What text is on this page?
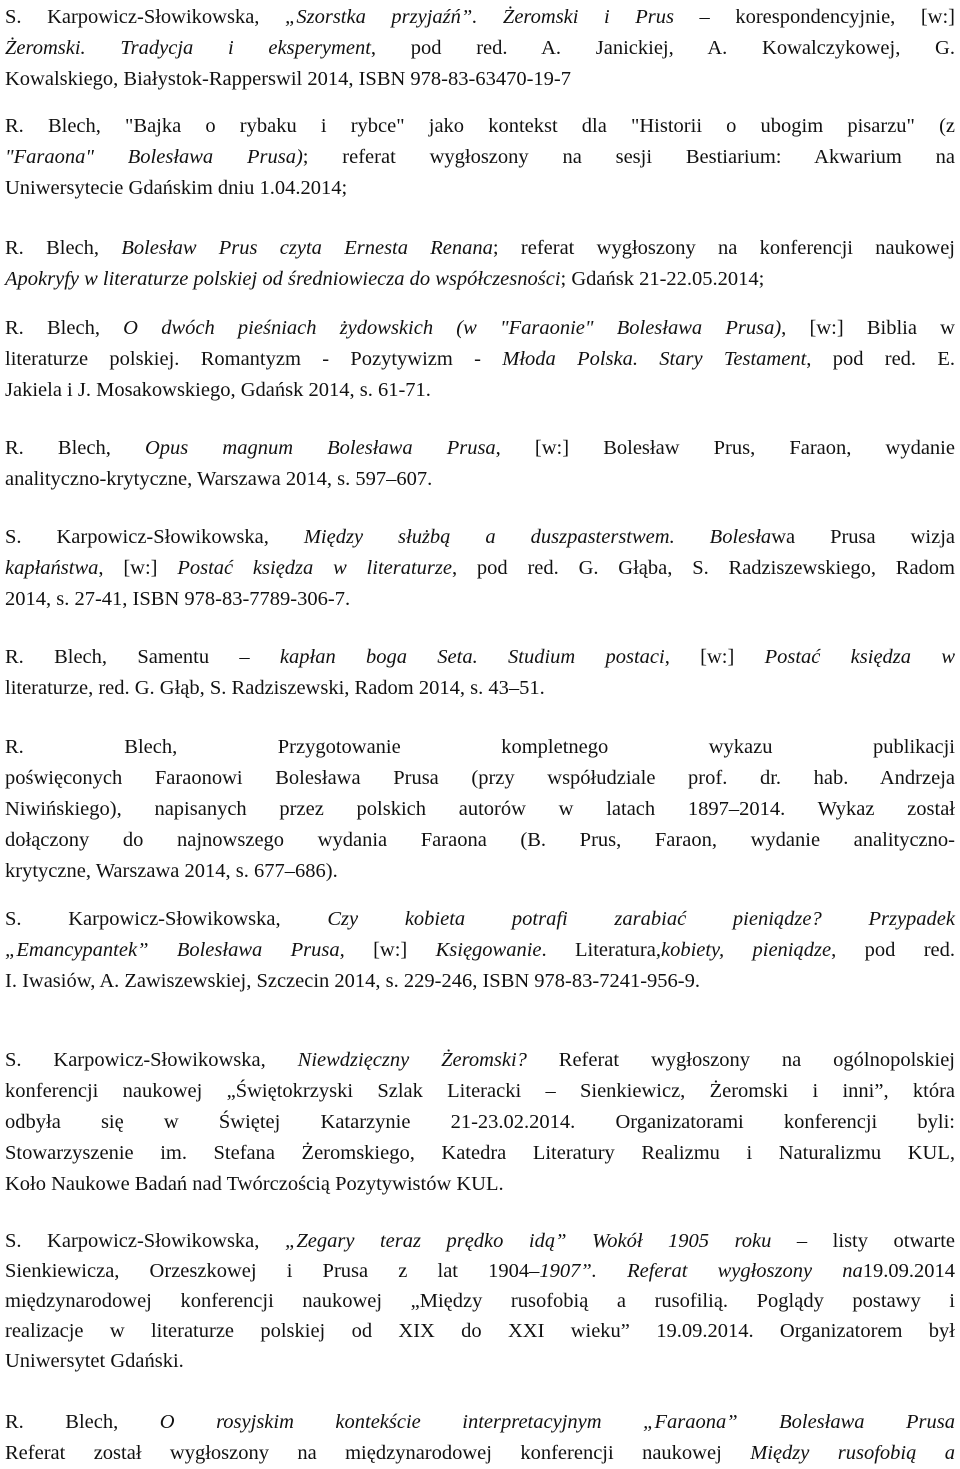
S. Karpowicz-Słowikowska, „Szorstka przyjaźń”. Żeromski i Prus – korespondencyjnie, [w:]
Żeromski. Tradycja i eksperyment, pod red. A. Janickiej, A. Kowalczykowej, G.
Kowalskiego, Białystok-Rapperswil 2014, ISBN 978-83-63470-19-7
R. Blech, "Bajka o rybaku i rybce" jako kontekst dla "Historii o ubogim pisarzu" (z
"Faraona" Bolesława Prusa); referat wygłoszony na sesji Bestiarium: Akwarium na
Uniwersytecie Gdańskim dniu 1.04.2014;
R. Blech, Bolesław Prus czyta Ernesta Renana; referat wygłoszony na konferencji naukowej
Apokryfy w literaturze polskiej od średniowiecza do współczesności; Gdańsk 21-22.05.2014;
R. Blech, O dwóch pieśniach żydowskich (w "Faraonie" Bolesława Prusa), [w:] Biblia w
literaturze polskiej. Romantyzm - Pozytywizm - Młoda Polska. Stary Testament, pod red. E.
Jakiela i J. Mosakowskiego, Gdańsk 2014, s. 61-71.
R. Blech, Opus magnum Bolesława Prusa, [w:] Bolesław Prus, Faraon, wydanie
analityczno-krytyczne, Warszawa 2014, s. 597–607.
S. Karpowicz-Słowikowska, Między służbą a duszpasterstwem. Bolesława Prusa wizja
kapłaństwa, [w:] Postać księdza w literaturze, pod red. G. Głąba, S. Radziszewskiego, Radom
2014, s. 27-41, ISBN 978-83-7789-306-7.
R. Blech, Samentu – kapłan boga Seta. Studium postaci, [w:] Postać księdza w
literaturze, red. G. Głąb, S. Radziszewski, Radom 2014, s. 43–51.
R. Blech, Przygotowanie kompletnego wykazu publikacji
poświęconych Faraonowi Bolesława Prusa (przy współudziale prof. dr. hab. Andrzeja
Niwińskiego), napisanych przez polskich autorów w latach 1897–2014. Wykaz został
dołączony do najnowszego wydania Faraona (B. Prus, Faraon, wydanie analityczno-
krytyczne, Warszawa 2014, s. 677–686).
S. Karpowicz-Słowikowska, Czy kobieta potrafi zarabiać pieniądze? Przypadek
„Emancypantek” Bolesława Prusa, [w:] Księgowanie. Literatura,kobiety, pieniądze, pod red.
I. Iwasiów, A. Zawiszewskiej, Szczecin 2014, s. 229-246, ISBN 978-83-7241-956-9.
S. Karpowicz-Słowikowska, Niewdzięczny Żeromski? Referat wygłoszony na ogólnopolskiej
konferencji naukowej „Świętokrzyski Szlak Literacki – Sienkiewicz, Żeromski i inni”, która
odbyła się w Świętej Katarzynie 21-23.02.2014. Organizatorami konferencji byli:
Stowarzyszenie im. Stefana Żeromskiego, Katedra Literatury Realizmu i Naturalizmu KUL,
Koło Naukowe Badań nad Twórczością Pozytywistów KUL.
S. Karpowicz-Słowikowska, „Zegary teraz prędko idą” Wokół 1905 roku – listy otwarte
Sienkiewicza, Orzeszkowej i Prusa z lat 1904–1907”. Referat wygłoszony na19.09.2014
międzynarodowej konferencji naukowej „Między rusofobią a rusofilią. Poglądy postawy i
realizacje w literaturze polskiej od XIX do XXI wieku” 19.09.2014. Organizatorem był
Uniwersytet Gdański.
R. Blech, O rosyjskim kontekście interpretacyjnym „Faraona” Bolesława Prusa
Referat został wygłoszony na międzynarodowej konferencji naukowej Między rusofobią a
